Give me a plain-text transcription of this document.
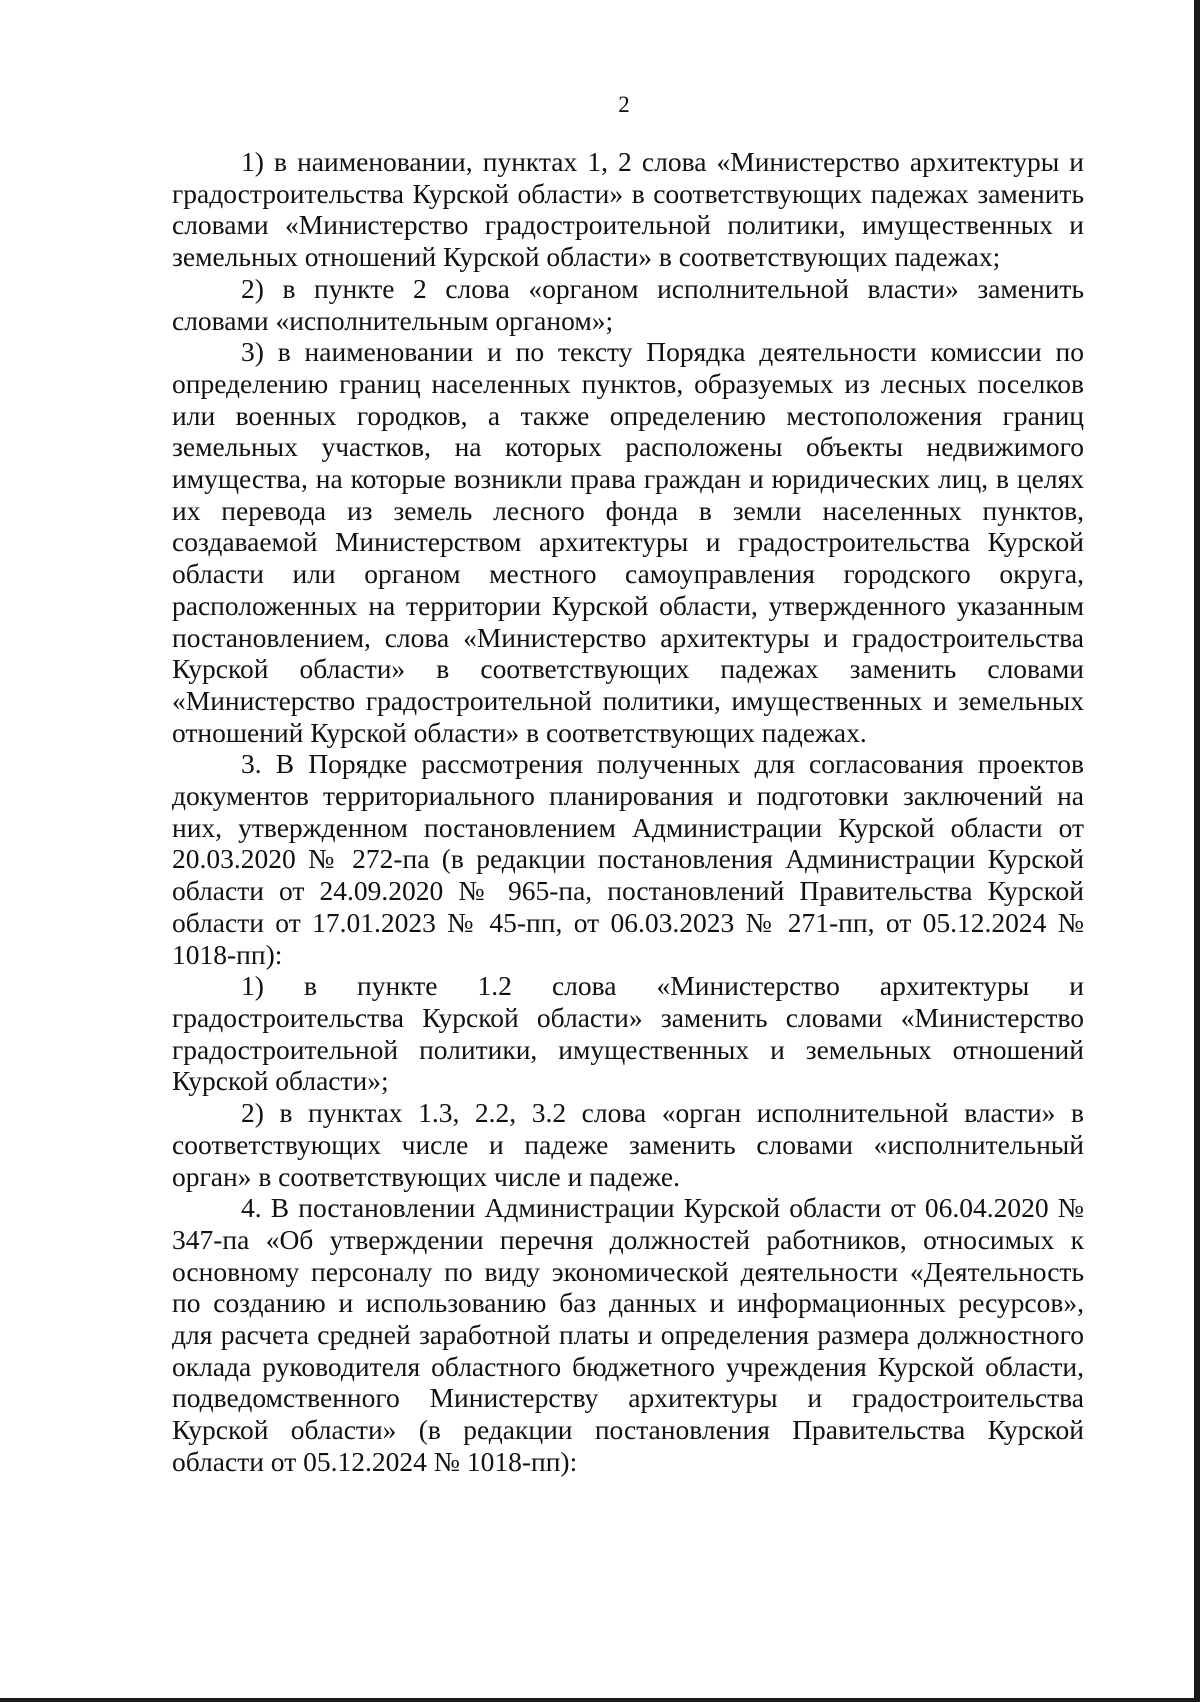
2

1) в наименовании, пунктах 1, 2 слова «Министерство архитектуры и градостроительства Курской области» в соответствующих падежах заменить словами «Министерство градостроительной политики, имущественных и земельных отношений Курской области» в соответствующих падежах;

2) в пункте 2 слова «органом исполнительной власти» заменить словами «исполнительным органом»;

3) в наименовании и по тексту Порядка деятельности комиссии по определению границ населенных пунктов, образуемых из лесных поселков или военных городков, а также определению местоположения границ земельных участков, на которых расположены объекты недвижимого имущества, на которые возникли права граждан и юридических лиц, в целях их перевода из земель лесного фонда в земли населенных пунктов, создаваемой Министерством архитектуры и градостроительства Курской области или органом местного самоуправления городского округа, расположенных на территории Курской области, утвержденного указанным постановлением, слова «Министерство архитектуры и градостроительства Курской области» в соответствующих падежах заменить словами «Министерство градостроительной политики, имущественных и земельных отношений Курской области» в соответствующих падежах.

3. В Порядке рассмотрения полученных для согласования проектов документов территориального планирования и подготовки заключений на них, утвержденном постановлением Администрации Курской области от 20.03.2020 № 272-па (в редакции постановления Администрации Курской области от 24.09.2020 № 965-па, постановлений Правительства Курской области от 17.01.2023 № 45-пп, от 06.03.2023 № 271-пп, от 05.12.2024 № 1018-пп):

1) в пункте 1.2 слова «Министерство архитектуры и градостроительства Курской области» заменить словами «Министерство градостроительной политики, имущественных и земельных отношений Курской области»;

2) в пунктах 1.3, 2.2, 3.2 слова «орган исполнительной власти» в соответствующих числе и падеже заменить словами «исполнительный орган» в соответствующих числе и падеже.

4. В постановлении Администрации Курской области от 06.04.2020 № 347-па «Об утверждении перечня должностей работников, относимых к основному персоналу по виду экономической деятельности «Деятельность по созданию и использованию баз данных и информационных ресурсов», для расчета средней заработной платы и определения размера должностного оклада руководителя областного бюджетного учреждения Курской области, подведомственного Министерству архитектуры и градостроительства Курской области» (в редакции постановления Правительства Курской области от 05.12.2024 № 1018-пп):
